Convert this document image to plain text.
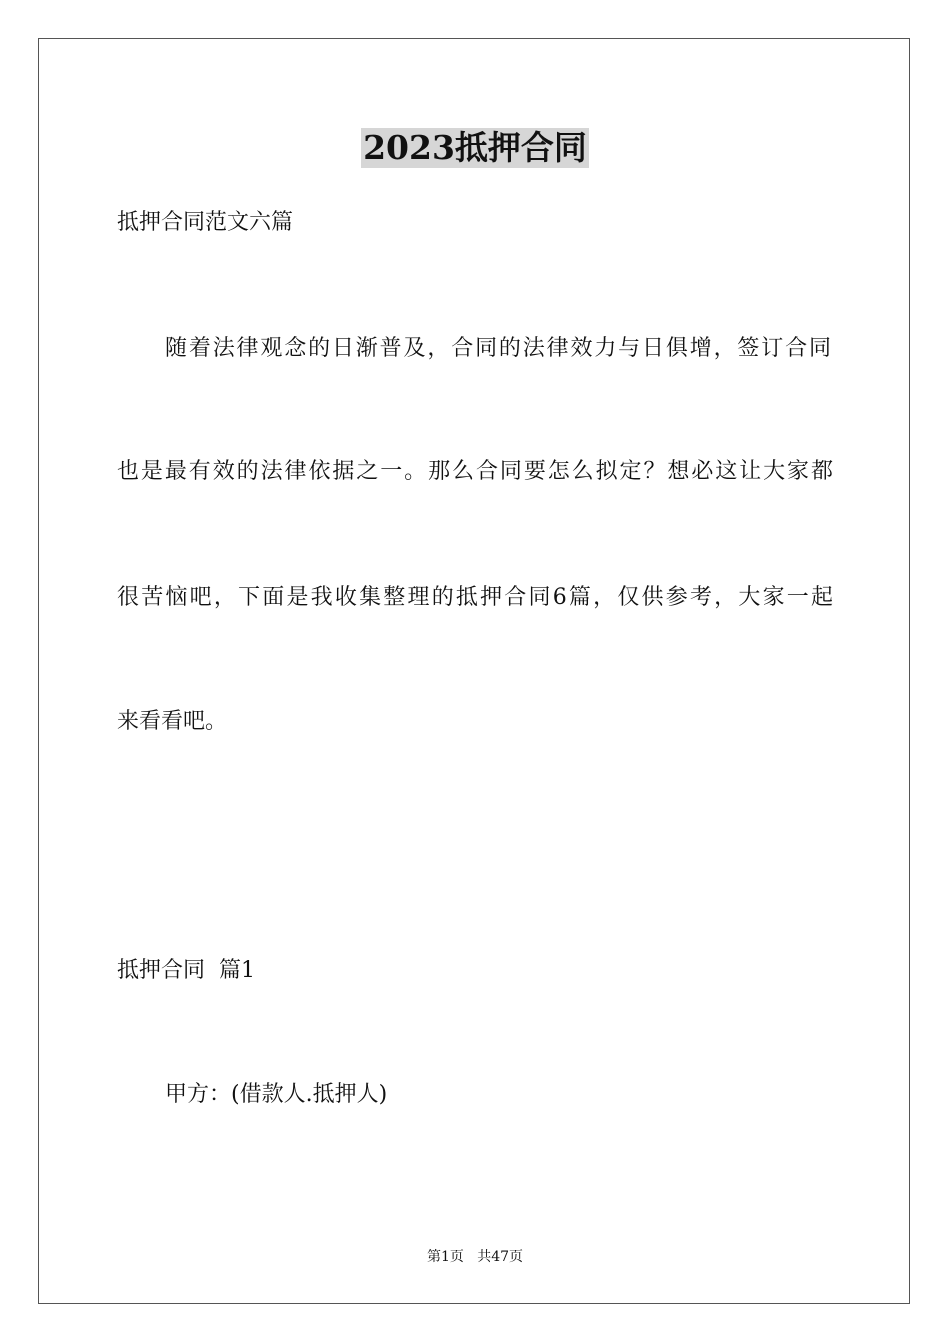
2023抵押合同
抵押合同范文六篇
随着法律观念的日渐普及，合同的法律效力与日俱增，签订合同
也是最有效的法律依据之一。那么合同要怎么拟定？想必这让大家都
很苦恼吧，下面是我收集整理的抵押合同6篇，仅供参考，大家一起
来看看吧。
抵押合同  篇1
甲方：(借款人.抵押人)
第1页   共47页
